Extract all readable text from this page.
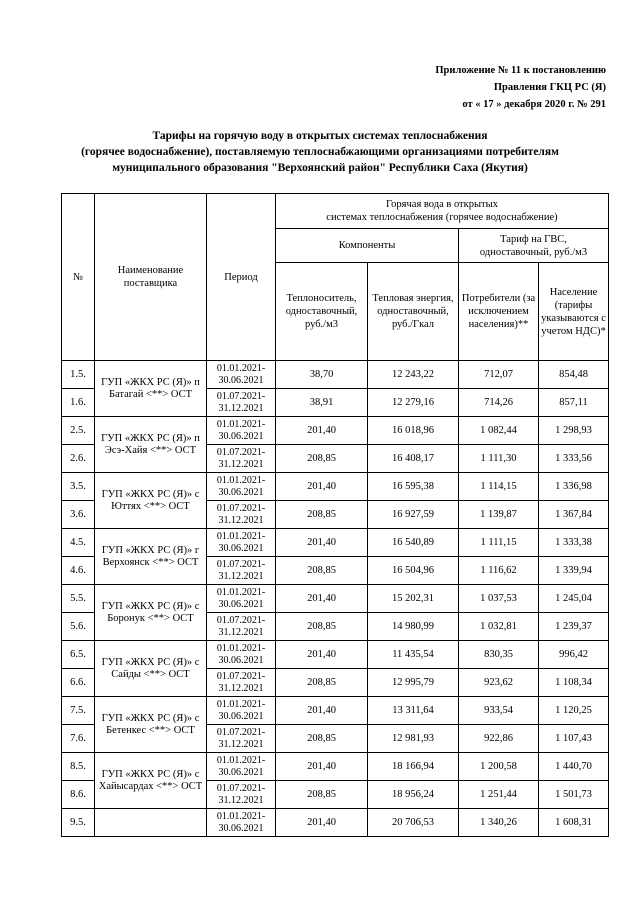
Приложение № 11 к постановлению
Правления ГКЦ РС (Я)
от « 17 » декабря 2020 г. № 291
Тарифы на горячую воду в открытых системах теплоснабжения
(горячее водоснабжение), поставляемую теплоснабжающими организациями потребителям
муниципального образования "Верхоянский район" Республики Саха (Якутия)
№	Наименование поставщика	Период	Горячая вода в открытых
системах теплоснабжения (горячее водоснабжение)			

			Компоненты		Тариф на ГВС,
одноставочный, руб./м3	

			Теплоноситель, одноставочный, руб./м3	Тепловая энергия, одноставочный, руб./Гкал	Потребители (за исключением населения)**	Население (тарифы указываются с учетом НДС)*
1.5.	ГУП «ЖКХ РС (Я)» п Батагай <**> ОСТ	01.01.2021-30.06.2021	38,70	12 243,22	712,07	854,48
1.6.		01.07.2021-31.12.2021	38,91	12 279,16	714,26	857,11
2.5.	ГУП «ЖКХ РС (Я)» п Эсэ-Хайя <**> ОСТ	01.01.2021-30.06.2021	201,40	16 018,96	1 082,44	1 298,93
2.6.		01.07.2021-31.12.2021	208,85	16 408,17	1 111,30	1 333,56
3.5.	ГУП «ЖКХ РС (Я)» с Юттях <**> ОСТ	01.01.2021-30.06.2021	201,40	16 595,38	1 114,15	1 336,98
3.6.		01.07.2021-31.12.2021	208,85	16 927,59	1 139,87	1 367,84
4.5.	ГУП «ЖКХ РС (Я)» г Верхоянск <**> ОСТ	01.01.2021-30.06.2021	201,40	16 540,89	1 111,15	1 333,38
4.6.		01.07.2021-31.12.2021	208,85	16 504,96	1 116,62	1 339,94
5.5.	ГУП «ЖКХ РС (Я)» с Боронук <**> ОСТ	01.01.2021-30.06.2021	201,40	15 202,31	1 037,53	1 245,04
5.6.		01.07.2021-31.12.2021	208,85	14 980,99	1 032,81	1 239,37
6.5.	ГУП «ЖКХ РС (Я)» с Сайды <**> ОСТ	01.01.2021-30.06.2021	201,40	11 435,54	830,35	996,42
6.6.		01.07.2021-31.12.2021	208,85	12 995,79	923,62	1 108,34
7.5.	ГУП «ЖКХ РС (Я)» с Бетенкес <**> ОСТ	01.01.2021-30.06.2021	201,40	13 311,64	933,54	1 120,25
7.6.		01.07.2021-31.12.2021	208,85	12 981,93	922,86	1 107,43
8.5.	ГУП «ЖКХ РС (Я)» с Хайысардах <**> ОСТ	01.01.2021-30.06.2021	201,40	18 166,94	1 200,58	1 440,70
8.6.		01.07.2021-31.12.2021	208,85	18 956,24	1 251,44	1 501,73
9.5.		01.01.2021-30.06.2021	201,40	20 706,53	1 340,26	1 608,31
